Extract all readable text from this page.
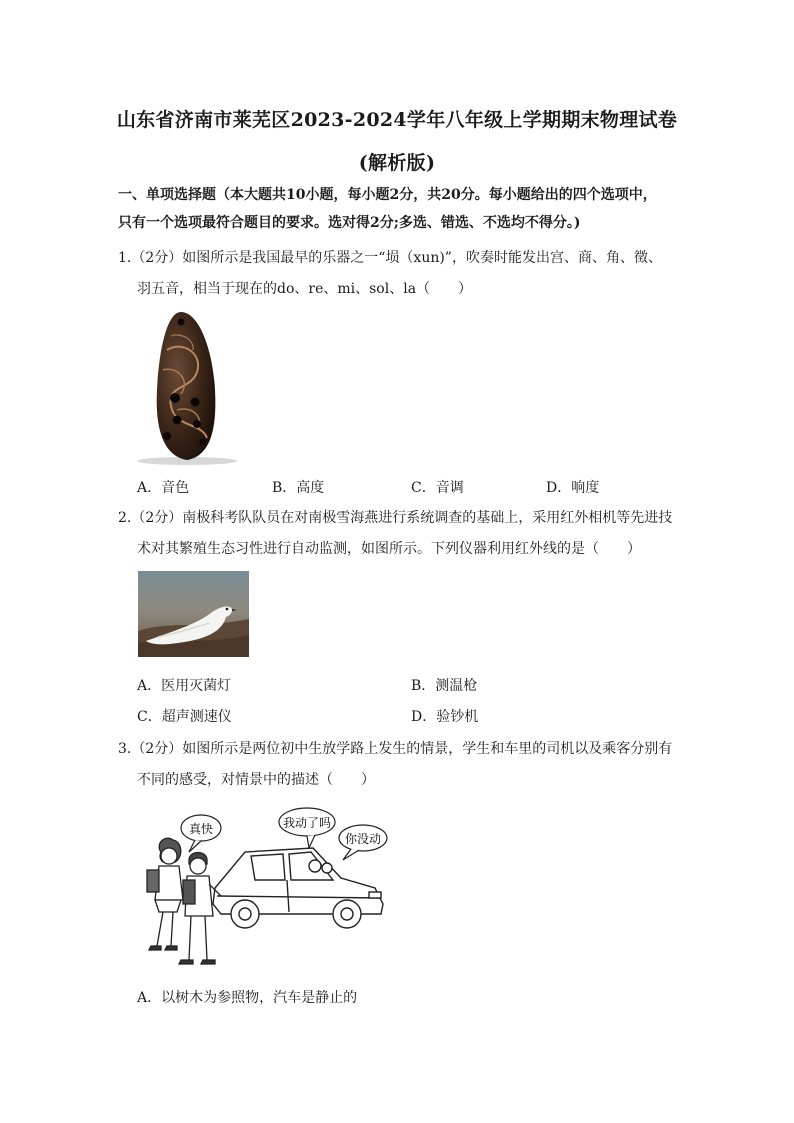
山东省济南市莱芜区2023-2024学年八年级上学期期末物理试卷
(解析版)
一、单项选择题（本大题共10小题，每小题2分，共20分。每小题给出的四个选项中，
只有一个选项最符合题目的要求。选对得2分;多选、错选、不选均不得分。)
1.（2分）如图所示是我国最早的乐器之一“埙（xun)”，吹奏时能发出宫、商、角、徵、
羽五音，相当于现在的do、re、mi、sol、la（　　）
A．音色	B．高度	C．音调	D．响度
2.（2分）南极科考队队员在对南极雪海燕进行系统调查的基础上，采用红外相机等先进技
术对其繁殖生态习性进行自动监测，如图所示。下列仪器利用红外线的是（　　）
A．医用灭菌灯	B．测温枪
C．超声测速仪	D．验钞机
3.（2分）如图所示是两位初中生放学路上发生的情景，学生和车里的司机以及乘客分别有
不同的感受，对情景中的描述（　　）
真快	我动了吗
你没动
A．以树木为参照物，汽车是静止的
